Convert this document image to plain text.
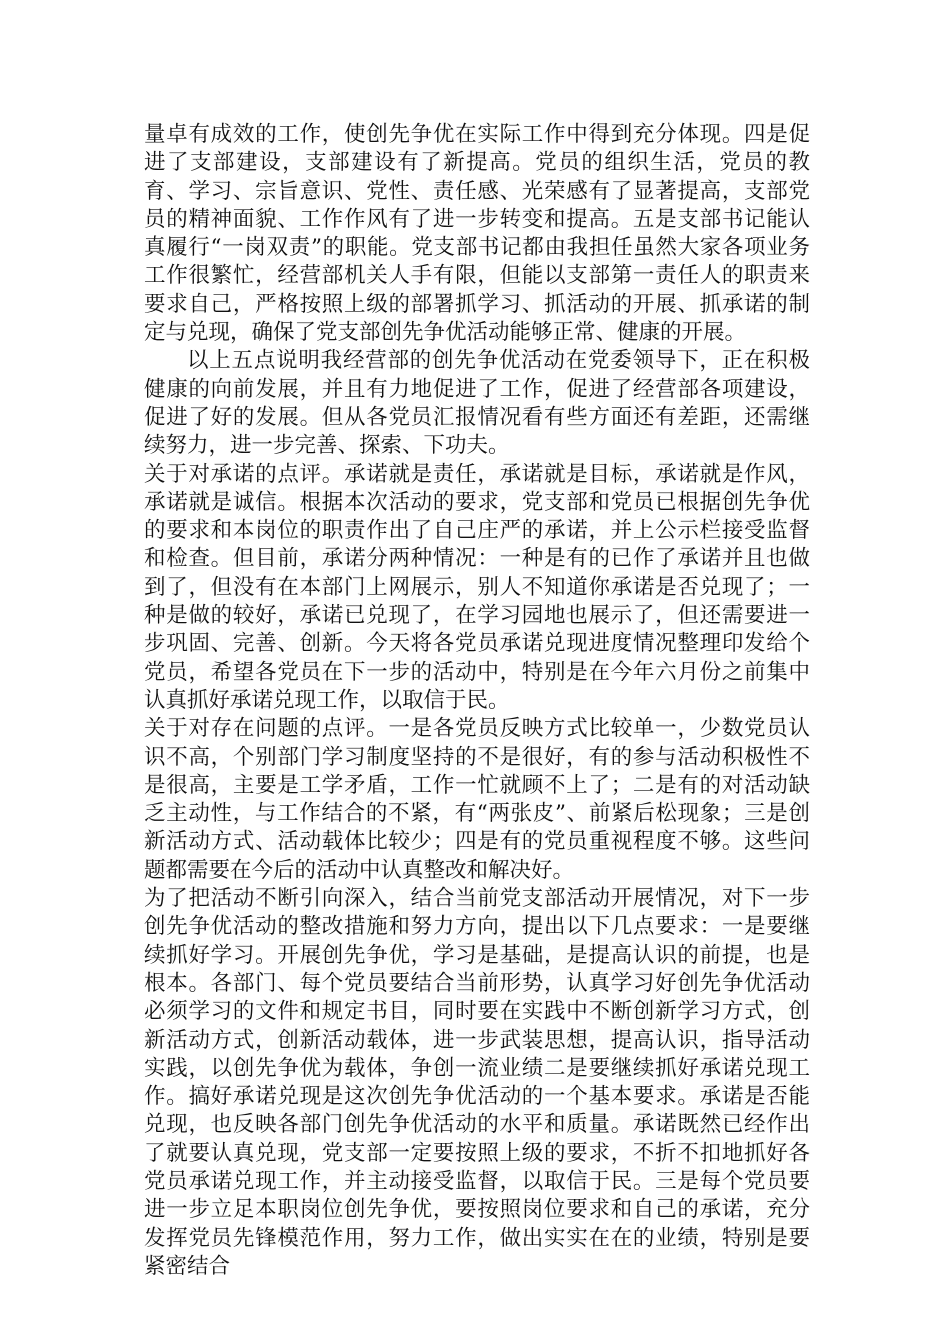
量卓有成效的工作，使创先争优在实际工作中得到充分体现。四是促进了支部建设，支部建设有了新提高。党员的组织生活，党员的教育、学习、宗旨意识、党性、责任感、光荣感有了显著提高，支部党员的精神面貌、工作作风有了进一步转变和提高。五是支部书记能认真履行“一岗双责”的职能。党支部书记都由我担任虽然大家各项业务工作很繁忙，经营部机关人手有限，但能以支部第一责任人的职责来要求自己，严格按照上级的部署抓学习、抓活动的开展、抓承诺的制定与兑现，确保了党支部创先争优活动能够正常、健康的开展。

以上五点说明我经营部的创先争优活动在党委领导下，正在积极健康的向前发展，并且有力地促进了工作，促进了经营部各项建设，促进了好的发展。但从各党员汇报情况看有些方面还有差距，还需继续努力，进一步完善、探索、下功夫。

关于对承诺的点评。承诺就是责任，承诺就是目标，承诺就是作风，承诺就是诚信。根据本次活动的要求，党支部和党员已根据创先争优的要求和本岗位的职责作出了自己庄严的承诺，并上公示栏接受监督和检查。但目前，承诺分两种情况：一种是有的已作了承诺并且也做到了，但没有在本部门上网展示，别人不知道你承诺是否兑现了；一种是做的较好，承诺已兑现了，在学习园地也展示了，但还需要进一步巩固、完善、创新。今天将各党员承诺兑现进度情况整理印发给个党员，希望各党员在下一步的活动中，特别是在今年六月份之前集中认真抓好承诺兑现工作，以取信于民。

关于对存在问题的点评。一是各党员反映方式比较单一，少数党员认识不高，个别部门学习制度坚持的不是很好，有的参与活动积极性不是很高，主要是工学矛盾，工作一忙就顾不上了；二是有的对活动缺乏主动性，与工作结合的不紧，有“两张皮”、前紧后松现象；三是创新活动方式、活动载体比较少；四是有的党员重视程度不够。这些问题都需要在今后的活动中认真整改和解决好。

为了把活动不断引向深入，结合当前党支部活动开展情况，对下一步创先争优活动的整改措施和努力方向，提出以下几点要求：一是要继续抓好学习。开展创先争优，学习是基础，是提高认识的前提，也是根本。各部门、每个党员要结合当前形势，认真学习好创先争优活动必须学习的文件和规定书目，同时要在实践中不断创新学习方式，创新活动方式，创新活动载体，进一步武装思想，提高认识，指导活动实践，以创先争优为载体，争创一流业绩二是要继续抓好承诺兑现工作。搞好承诺兑现是这次创先争优活动的一个基本要求。承诺是否能兑现，也反映各部门创先争优活动的水平和质量。承诺既然已经作出了就要认真兑现，党支部一定要按照上级的要求，不折不扣地抓好各党员承诺兑现工作，并主动接受监督，以取信于民。三是每个党员要进一步立足本职岗位创先争优，要按照岗位要求和自己的承诺，充分发挥党员先锋模范作用，努力工作，做出实实在在的业绩，特别是要紧密结合
